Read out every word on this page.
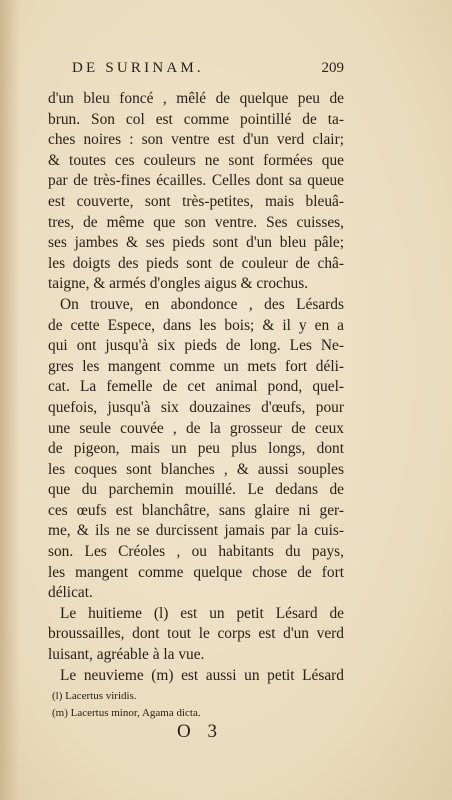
DE SURINAM.	209
d'un bleu foncé , mêlé de quelque peu de
brun. Son col est comme pointillé de ta-
ches noires : son ventre est d'un verd clair;
& toutes ces couleurs ne sont formées que
par de très-fines écailles. Celles dont sa queue
est couverte, sont très-petites, mais bleuâ-
tres, de même que son ventre. Ses cuisses,
ses jambes & ses pieds sont d'un bleu pâle;
les doigts des pieds sont de couleur de châ-
taigne, & armés d'ongles aigus & crochus.
On trouve, en abondonce , des Lésards
de cette Espece, dans les bois; & il y en a
qui ont jusqu'à six pieds de long. Les Ne-
gres les mangent comme un mets fort déli-
cat. La femelle de cet animal pond, quel-
quefois, jusqu'à six douzaines d'œufs, pour
une seule couvée , de la grosseur de ceux
de pigeon, mais un peu plus longs, dont
les coques sont blanches , & aussi souples
que du parchemin mouillé. Le dedans de
ces œufs est blanchâtre, sans glaire ni ger-
me, & ils ne se durcissent jamais par la cuis-
son. Les Créoles , ou habitants du pays,
les mangent comme quelque chose de fort
délicat.
Le huitieme (l) est un petit Lésard de
broussailles, dont tout le corps est d'un verd
luisant, agréable à la vue.
Le neuvieme (m) est aussi un petit Lésard
(l) Lacertus viridis.
(m) Lacertus minor, Agama dicta.
O 3
